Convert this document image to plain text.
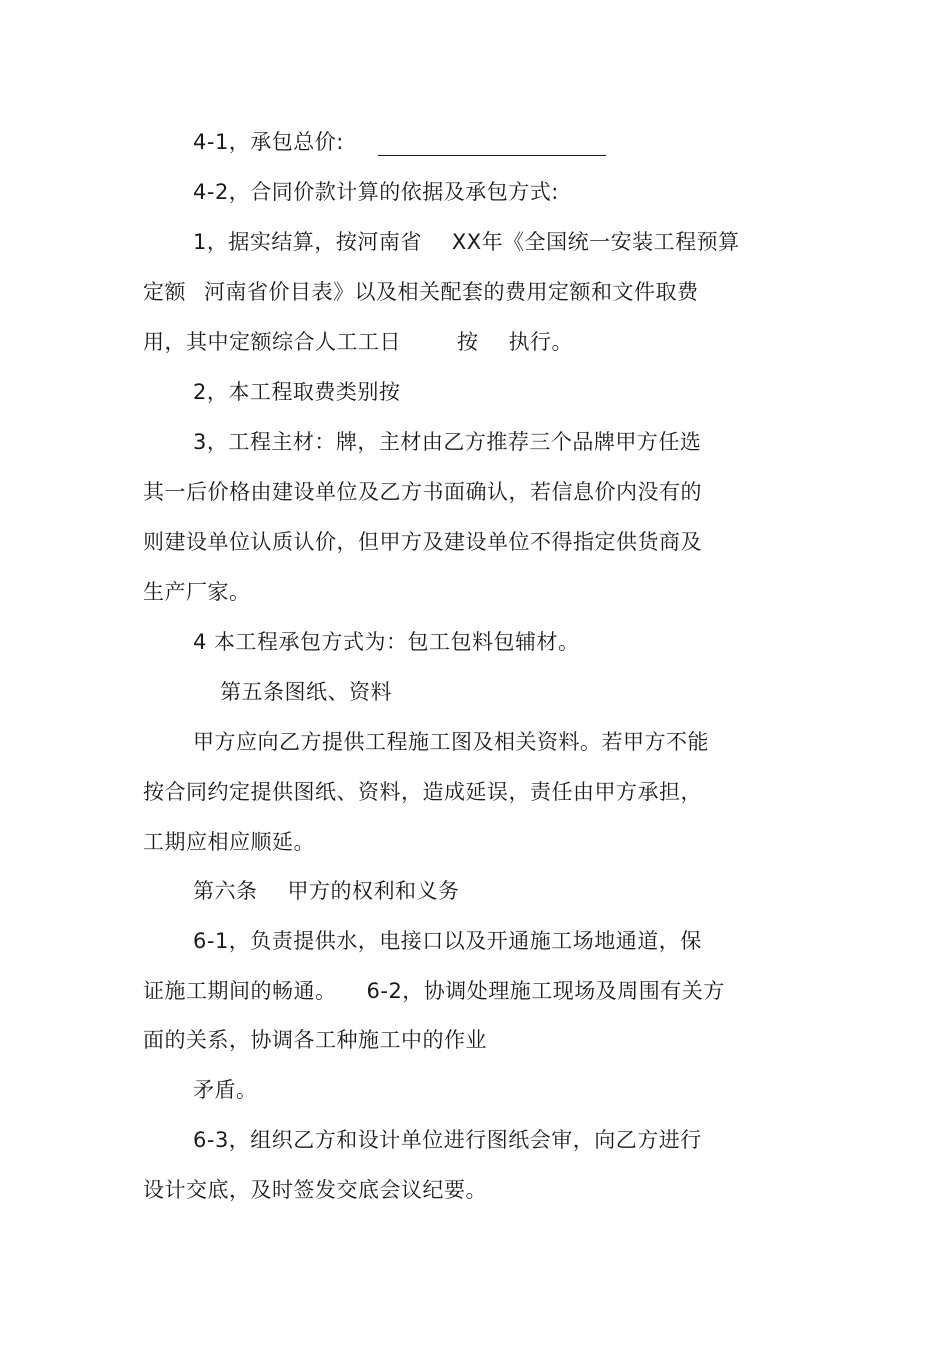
4-1，承包总价:
4-2，合同价款计算的依据及承包方式:
1，据实结算，按河南省 XX年《全国统一安装工程预算
定额 河南省价目表》以及相关配套的费用定额和文件取费
用，其中定额综合人工工日	按 执行。
2，本工程取费类别按
3，工程主材：牌，主材由乙方推荐三个品牌甲方任选
其一后价格由建设单位及乙方书面确认，若信息价内没有的
则建设单位认质认价，但甲方及建设单位不得指定供货商及
生产厂家。
4 本工程承包方式为：包工包料包辅材。
第五条图纸、资料
甲方应向乙方提供工程施工图及相关资料。若甲方不能
按合同约定提供图纸、资料，造成延误，责任由甲方承担，
工期应相应顺延。
第六条 甲方的权利和义务
6-1，负责提供水，电接口以及开通施工场地通道，保
证施工期间的畅通。 6-2，协调处理施工现场及周围有关方
面的关系，协调各工种施工中的作业
矛盾。
6-3，组织乙方和设计单位进行图纸会审，向乙方进行
设计交底，及时签发交底会议纪要。
